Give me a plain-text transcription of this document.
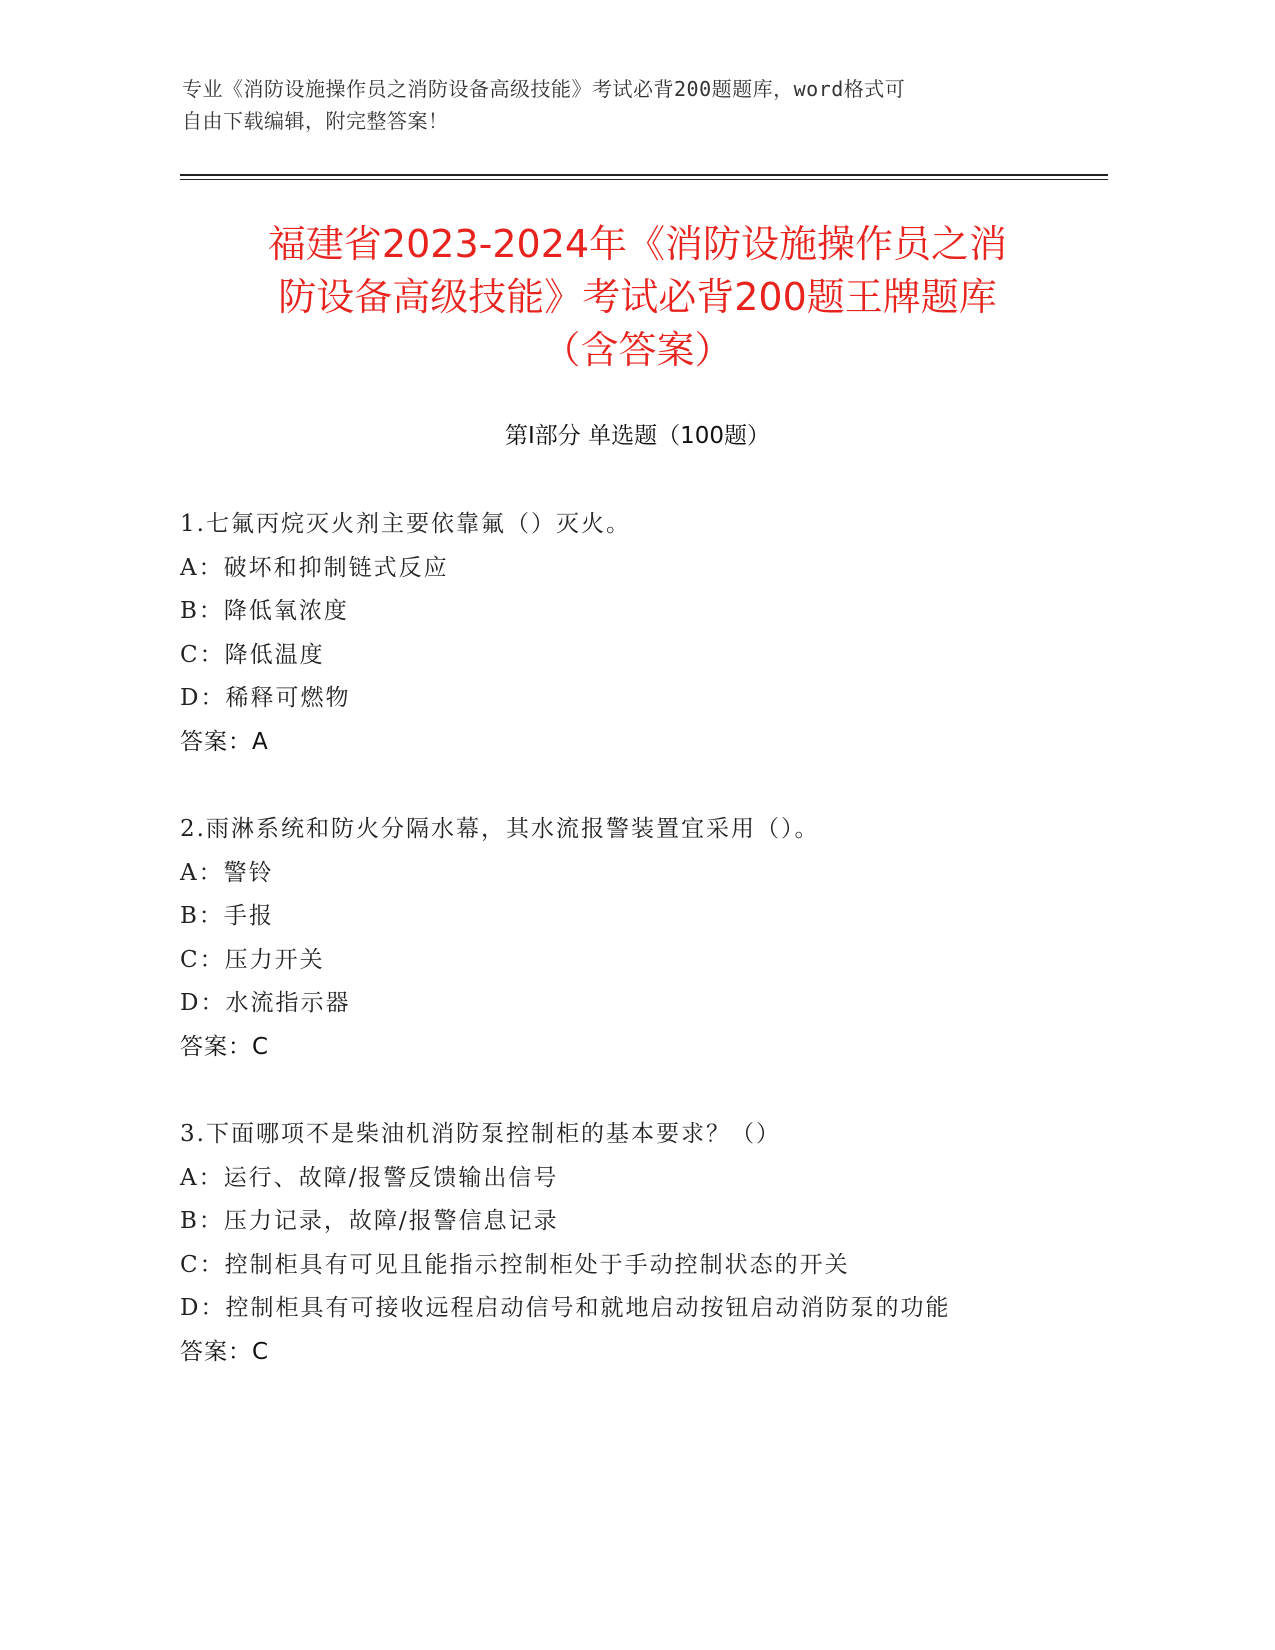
专业《消防设施操作员之消防设备高级技能》考试必背200题题库，word格式可
自由下载编辑，附完整答案！
福建省2023-2024年《消防设施操作员之消
防设备高级技能》考试必背200题王牌题库
（含答案）
第Ⅰ部分 单选题（100题）
1.七氟丙烷灭火剂主要依靠氟（）灭火。
A：破坏和抑制链式反应
B：降低氧浓度
C：降低温度
D：稀释可燃物
答案：A
2.雨淋系统和防火分隔水幕，其水流报警装置宜采用（）。
A：警铃
B：手报
C：压力开关
D：水流指示器
答案：C
3.下面哪项不是柴油机消防泵控制柜的基本要求？（）
A：运行、故障/报警反馈输出信号
B：压力记录，故障/报警信息记录
C：控制柜具有可见且能指示控制柜处于手动控制状态的开关
D：控制柜具有可接收远程启动信号和就地启动按钮启动消防泵的功能
答案：C
